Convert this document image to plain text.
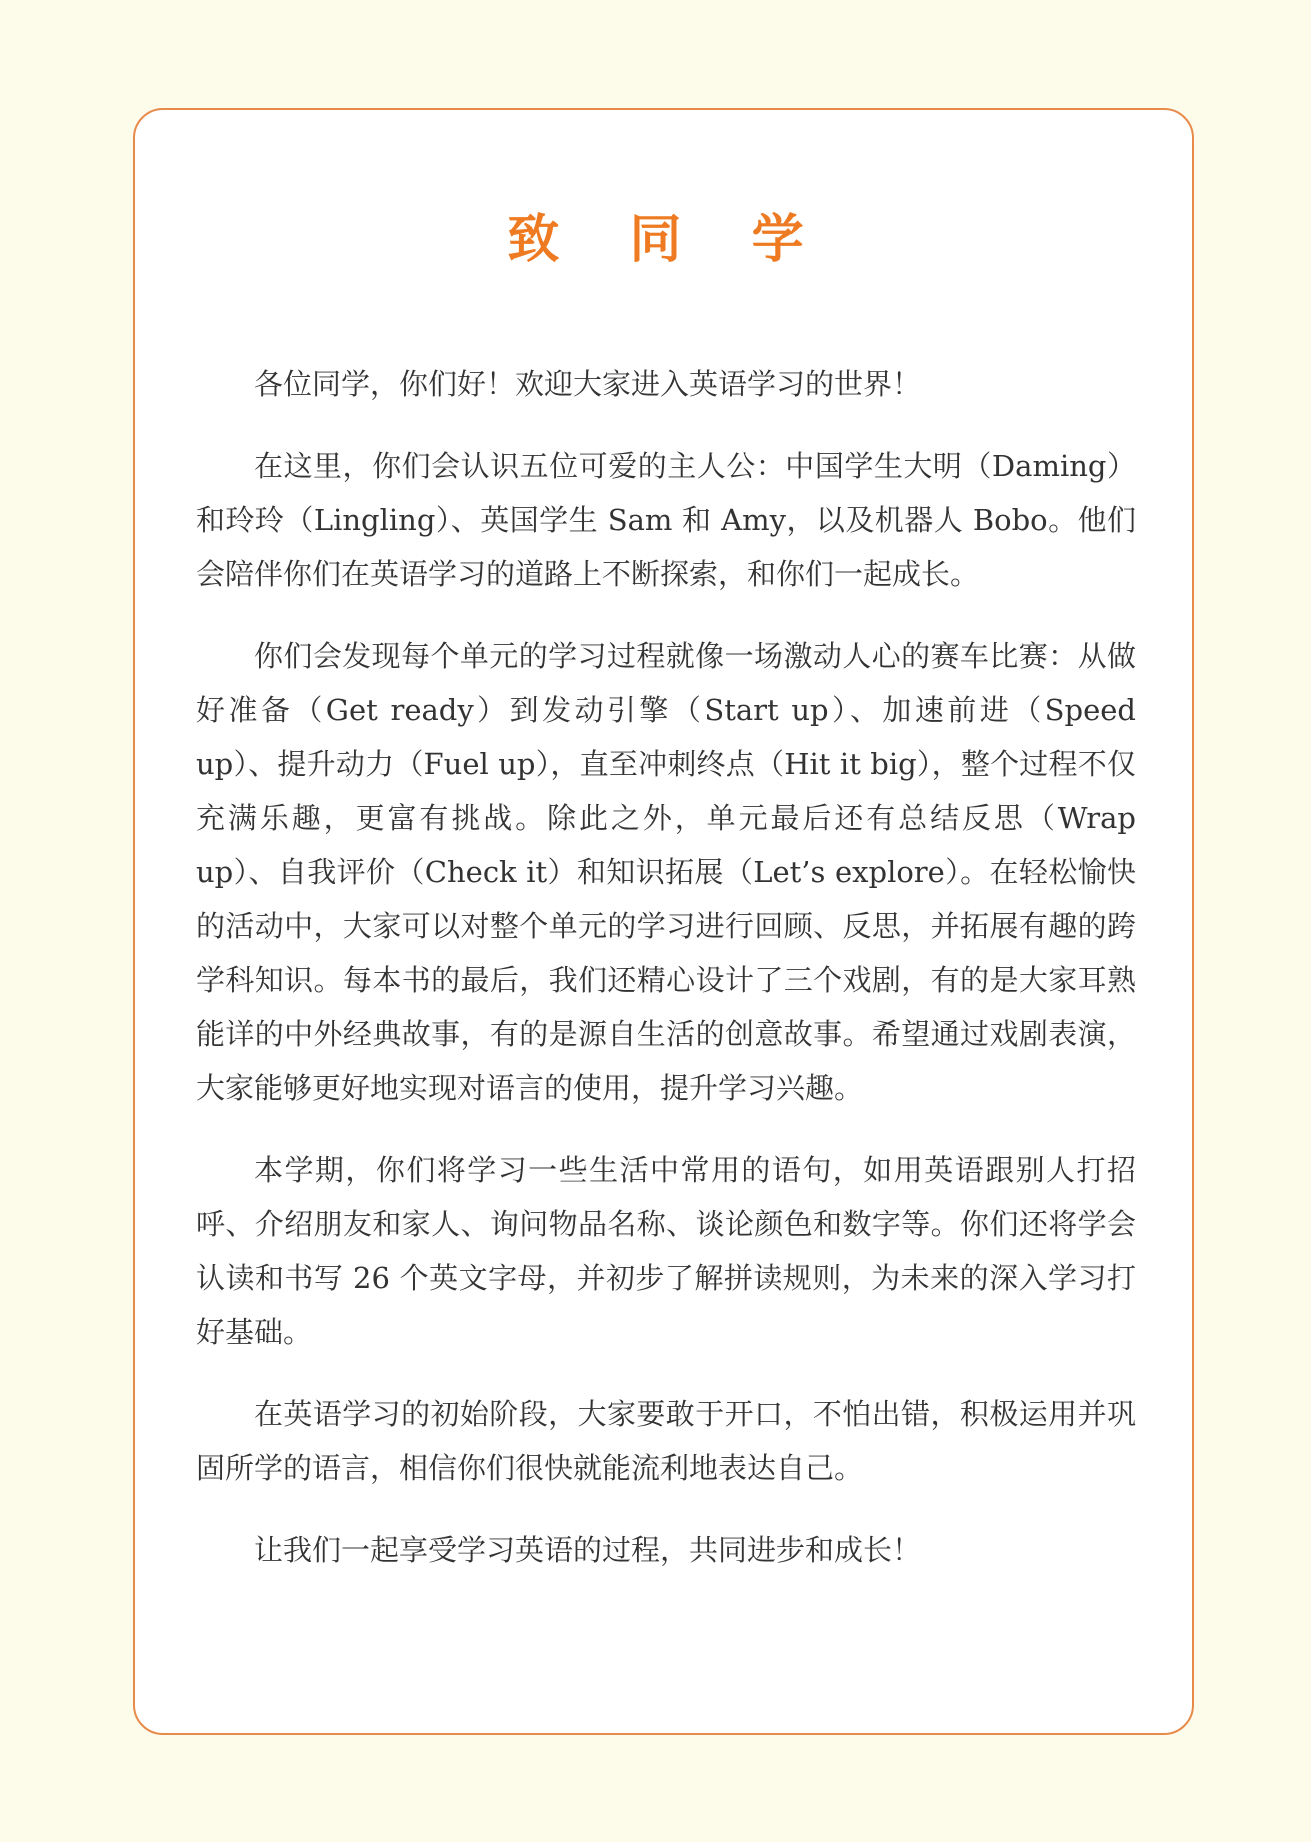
致 同 学

各位同学，你们好！欢迎大家进入英语学习的世界！

在这里，你们会认识五位可爱的主人公：中国学生大明（Daming）和玲玲（Lingling）、英国学生 Sam 和 Amy，以及机器人 Bobo。他们会陪伴你们在英语学习的道路上不断探索，和你们一起成长。

你们会发现每个单元的学习过程就像一场激动人心的赛车比赛：从做好准备（Get ready）到发动引擎（Start up）、加速前进（Speed up）、提升动力（Fuel up），直至冲刺终点（Hit it big），整个过程不仅充满乐趣，更富有挑战。除此之外，单元最后还有总结反思（Wrap up）、自我评价（Check it）和知识拓展（Let’s explore）。在轻松愉快的活动中，大家可以对整个单元的学习进行回顾、反思，并拓展有趣的跨学科知识。每本书的最后，我们还精心设计了三个戏剧，有的是大家耳熟能详的中外经典故事，有的是源自生活的创意故事。希望通过戏剧表演，大家能够更好地实现对语言的使用，提升学习兴趣。

本学期，你们将学习一些生活中常用的语句，如用英语跟别人打招呼、介绍朋友和家人、询问物品名称、谈论颜色和数字等。你们还将学会认读和书写 26 个英文字母，并初步了解拼读规则，为未来的深入学习打好基础。

在英语学习的初始阶段，大家要敢于开口，不怕出错，积极运用并巩固所学的语言，相信你们很快就能流利地表达自己。

让我们一起享受学习英语的过程，共同进步和成长！
